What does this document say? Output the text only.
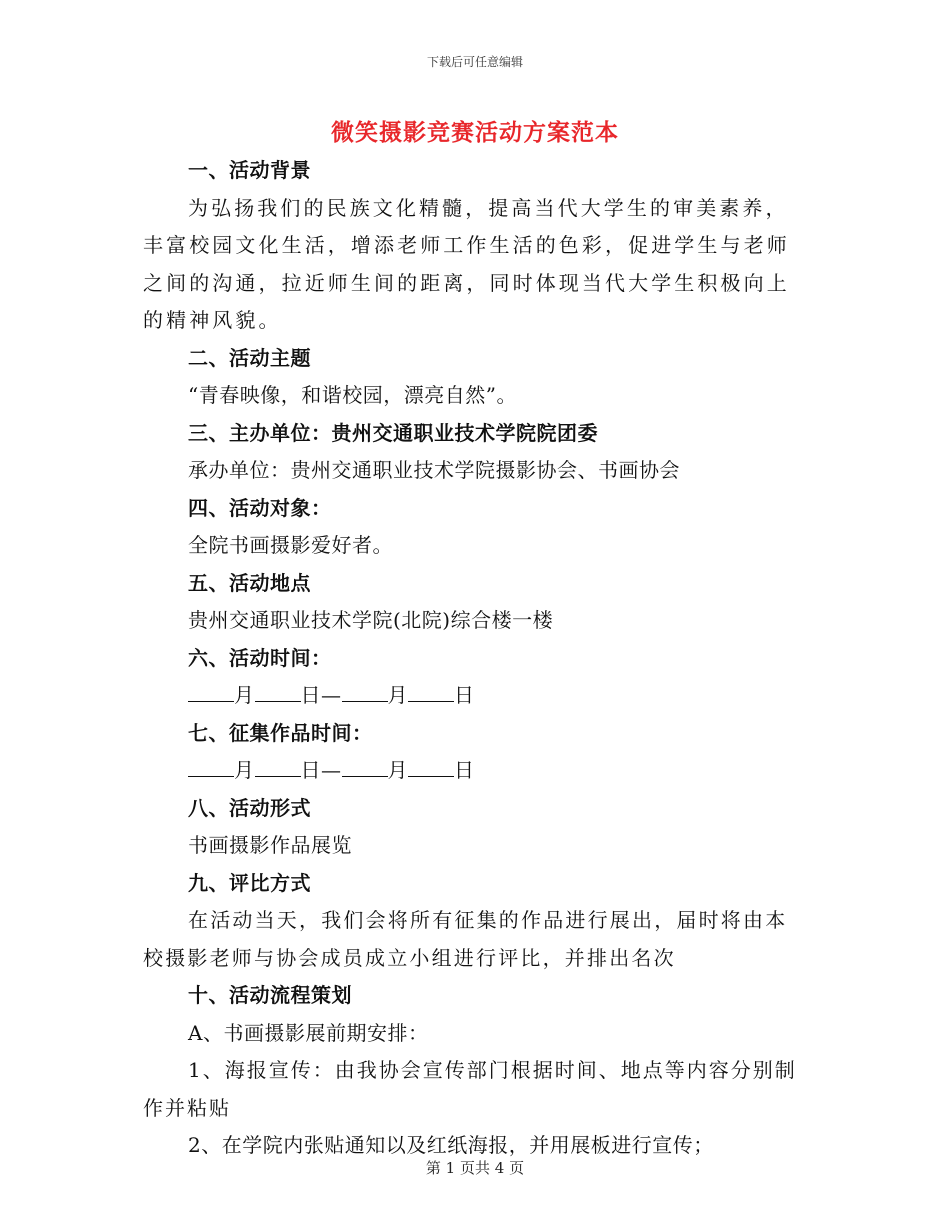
下载后可任意编辑
微笑摄影竞赛活动方案范本
一、活动背景

为弘扬我们的民族文化精髓，提高当代大学生的审美素养，丰富校园文化生活，增添老师工作生活的色彩，促进学生与老师之间的沟通，拉近师生间的距离，同时体现当代大学生积极向上的精神风貌。

二、活动主题
“青春映像，和谐校园，漂亮自然”。
三、主办单位：贵州交通职业技术学院院团委
承办单位：贵州交通职业技术学院摄影协会、书画协会
四、活动对象：
全院书画摄影爱好者。
五、活动地点
贵州交通职业技术学院(北院)综合楼一楼
六、活动时间：
月 日— 月 日
七、征集作品时间：
月 日— 月 日
八、活动形式
书画摄影作品展览
九、评比方式

在活动当天，我们会将所有征集的作品进行展出，届时将由本校摄影老师与协会成员成立小组进行评比，并排出名次

十、活动流程策划
A、书画摄影展前期安排：

1、海报宣传：由我协会宣传部门根据时间、地点等内容分别制作并粘贴

2、在学院内张贴通知以及红纸海报，并用展板进行宣传；
第 1 页共 4 页
